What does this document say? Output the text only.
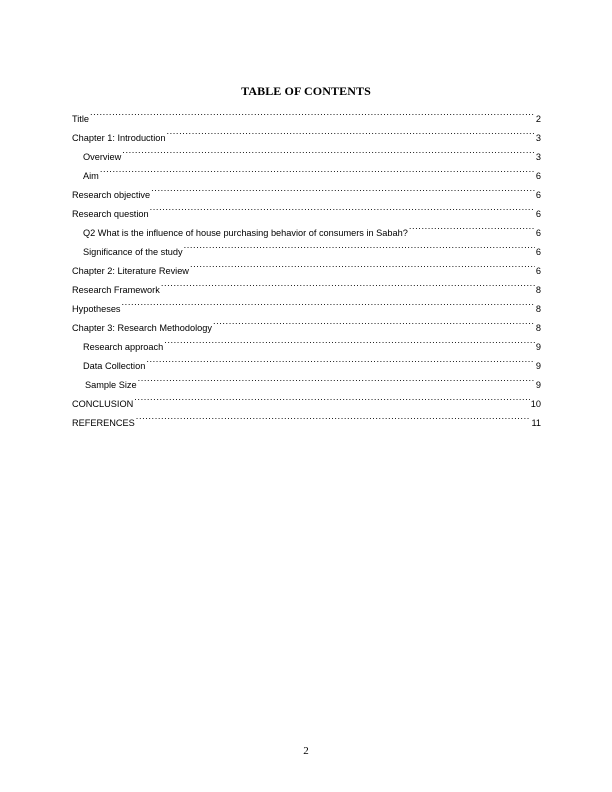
TABLE OF CONTENTS
Title .....	2
Chapter 1: Introduction .....	3
Overview .....	3
Aim .....	6
Research objective .....	6
Research question .....	6
Q2 What is the influence of house purchasing behavior of consumers in Sabah? .....	6
Significance of the study .....	6
Chapter 2: Literature Review .....	6
Research Framework .....	8
Hypotheses .....	8
Chapter 3: Research Methodology .....	8
Research approach .....	9
Data Collection .....	9
Sample Size .....	9
CONCLUSION .....	10
REFERENCES .....	11
2
